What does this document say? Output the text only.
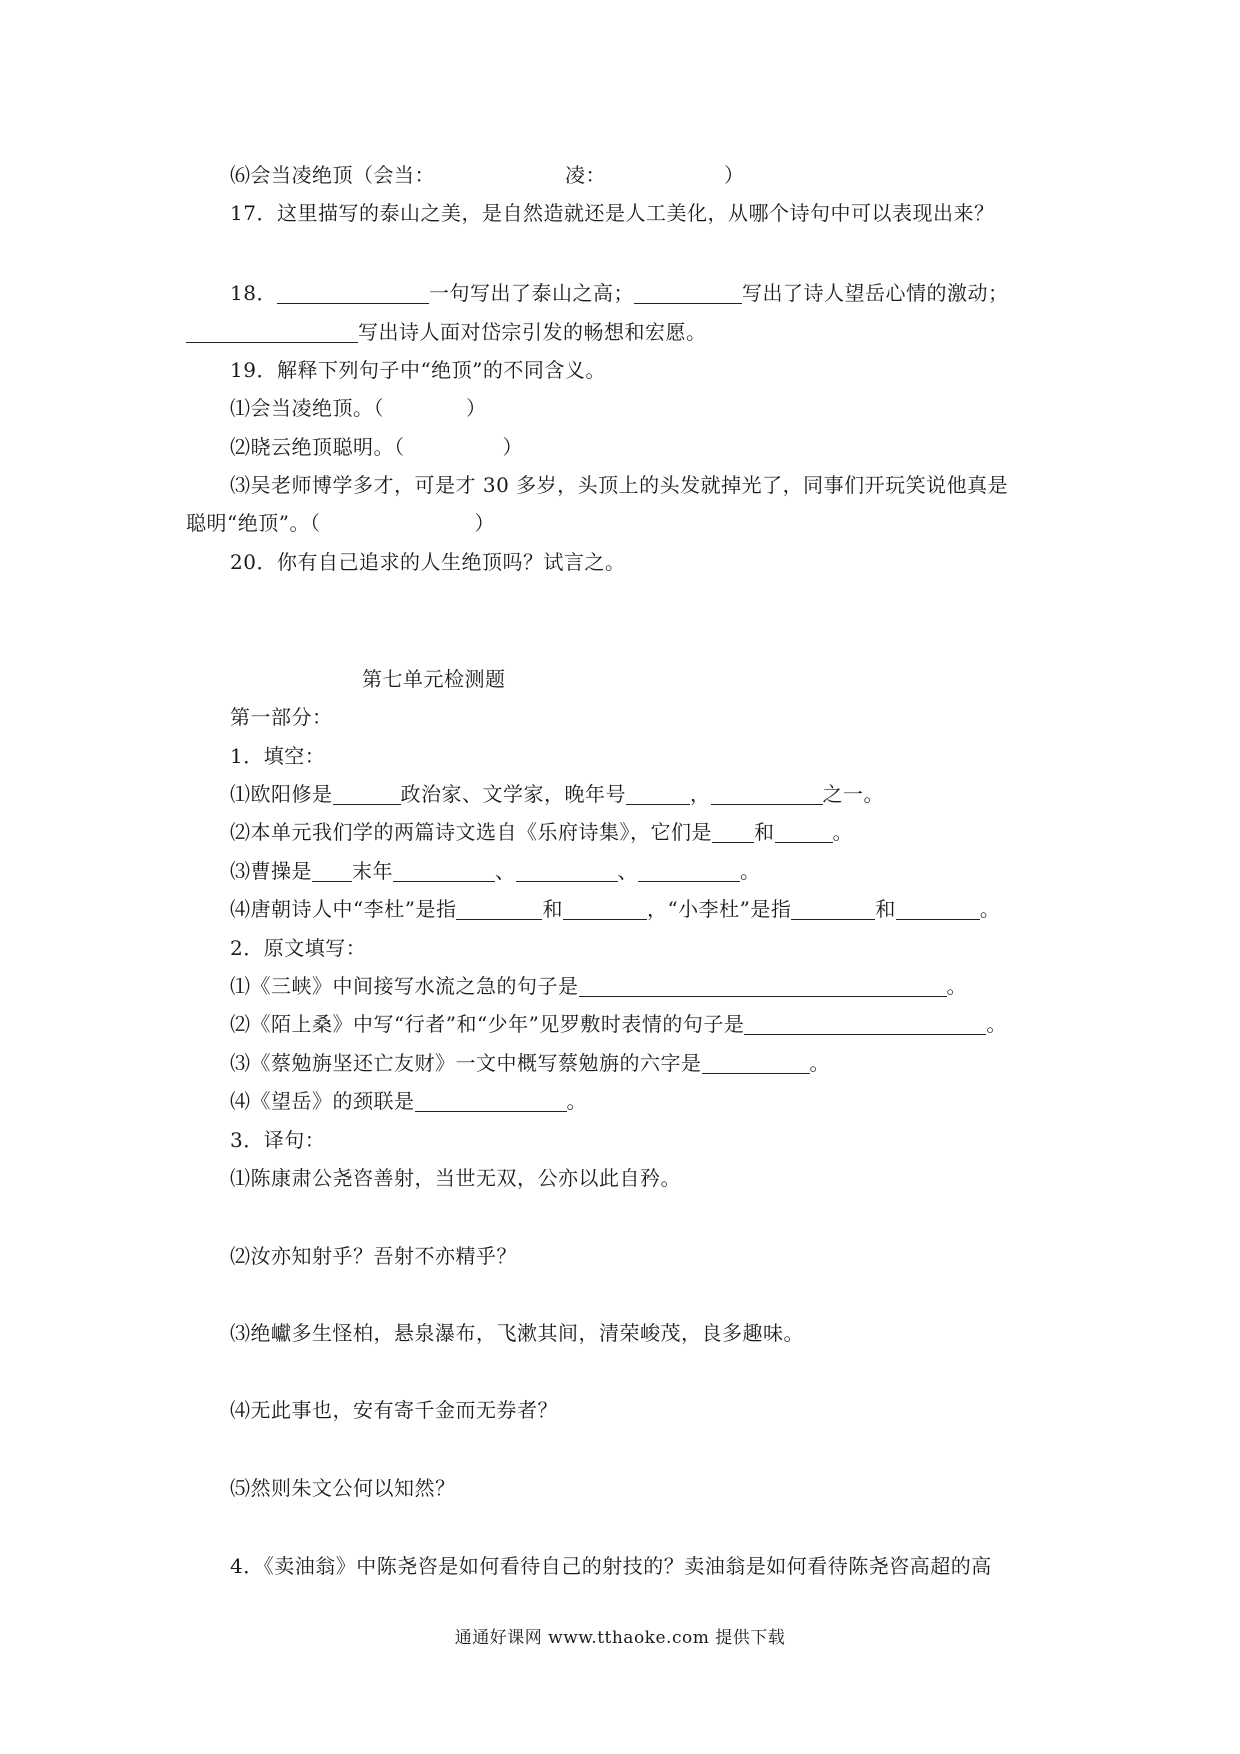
⑹会当凌绝顶（会当：	凌：	）
17．这里描写的泰山之美，是自然造就还是人工美化，从哪个诗句中可以表现出来？
18．	一句写出了泰山之高；	写出了诗人望岳心情的激动；
写出诗人面对岱宗引发的畅想和宏愿。
19．解释下列句子中“绝顶”的不同含义。
⑴会当凌绝顶。（	）
⑵晓云绝顶聪明。（	）
⑶吴老师博学多才，可是才 30 多岁，头顶上的头发就掉光了，同事们开玩笑说他真是
聪明“绝顶”。（	）
20．你有自己追求的人生绝顶吗？试言之。
第七单元检测题
第一部分：
1．填空：
⑴欧阳修是	政治家、文学家，晚年号	，	之一。
⑵本单元我们学的两篇诗文选自《乐府诗集》，它们是 和	。
⑶曹操是 末年	、	、	。
⑷唐朝诗人中“李杜”是指	和	，“小李杜”是指	和	。
2．原文填写：
⑴《三峡》中间接写水流之急的句子是	。
⑵《陌上桑》中写“行者”和“少年”见罗敷时表情的句子是	。
⑶《蔡勉旃坚还亡友财》一文中概写蔡勉旃的六字是	。
⑷《望岳》的颈联是	。
3．译句：
⑴陈康肃公尧咨善射，当世无双，公亦以此自矜。
⑵汝亦知射乎？吾射不亦精乎？
⑶绝巘多生怪柏，悬泉瀑布，飞漱其间，清荣峻茂，良多趣味。
⑷无此事也，安有寄千金而无券者？
⑸然则朱文公何以知然？
4．《卖油翁》中陈尧咨是如何看待自己的射技的？卖油翁是如何看待陈尧咨高超的高
通通好课网 www.tthaoke.com 提供下载
